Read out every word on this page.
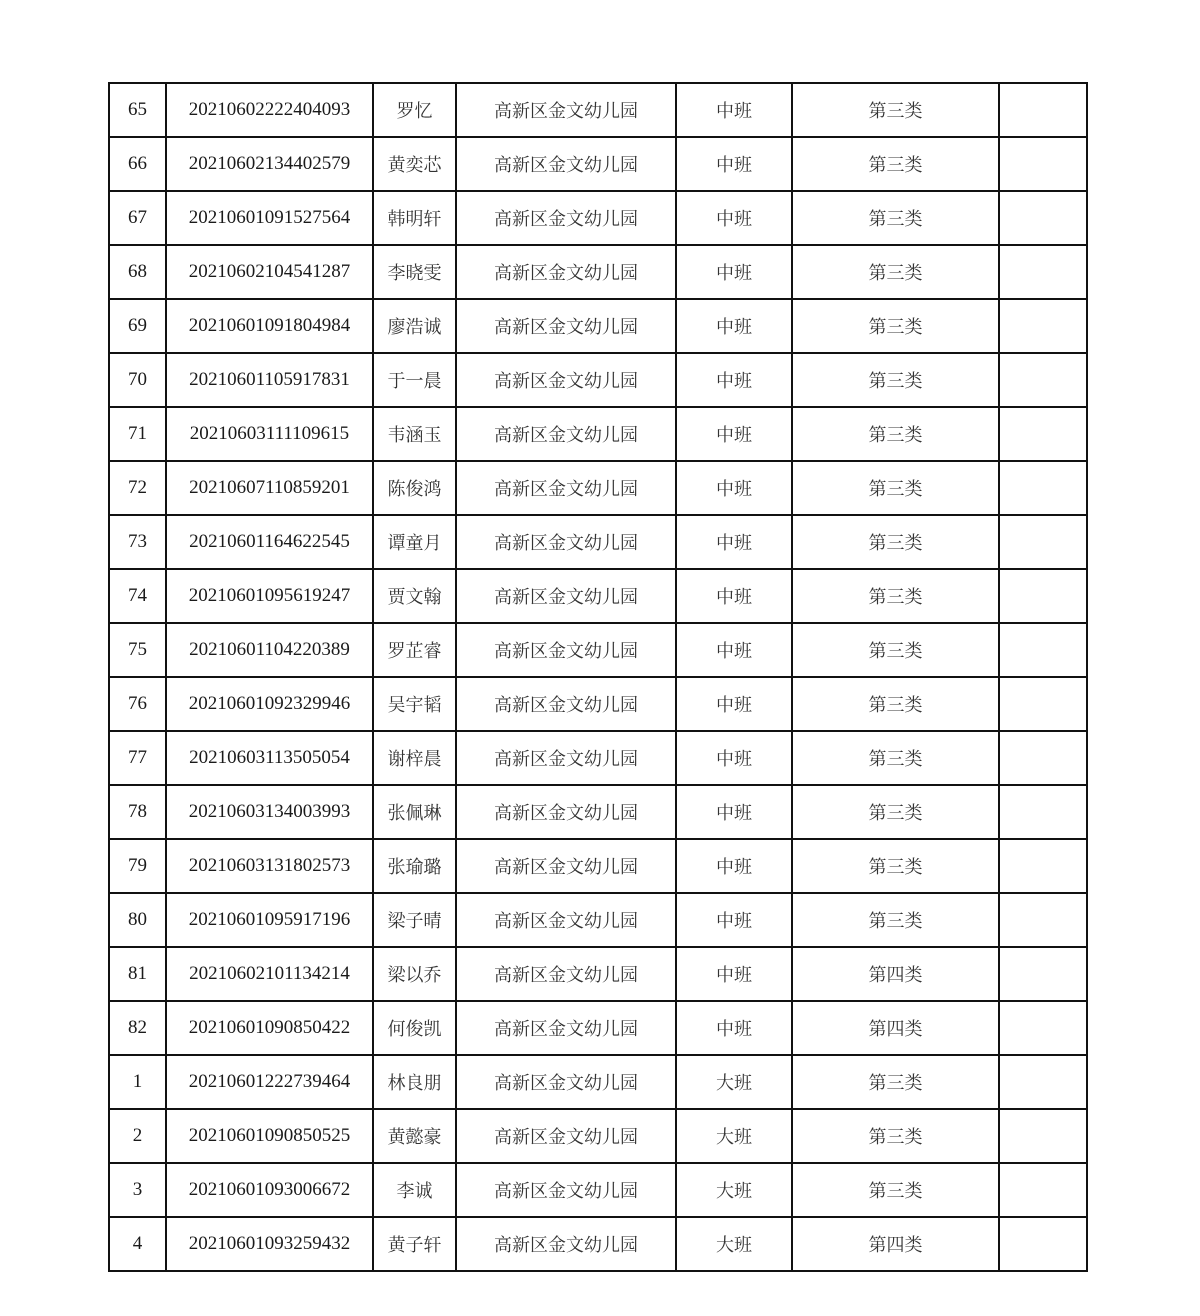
65	20210602222404093	罗忆	高新区金文幼儿园	中班	第三类	
66	20210602134402579	黄奕芯	高新区金文幼儿园	中班	第三类	
67	20210601091527564	韩明轩	高新区金文幼儿园	中班	第三类	
68	20210602104541287	李晓雯	高新区金文幼儿园	中班	第三类	
69	20210601091804984	廖浩诚	高新区金文幼儿园	中班	第三类	
70	20210601105917831	于一晨	高新区金文幼儿园	中班	第三类	
71	20210603111109615	韦涵玉	高新区金文幼儿园	中班	第三类	
72	20210607110859201	陈俊鸿	高新区金文幼儿园	中班	第三类	
73	20210601164622545	谭童月	高新区金文幼儿园	中班	第三类	
74	20210601095619247	贾文翰	高新区金文幼儿园	中班	第三类	
75	20210601104220389	罗芷睿	高新区金文幼儿园	中班	第三类	
76	20210601092329946	吴宇韬	高新区金文幼儿园	中班	第三类	
77	20210603113505054	谢梓晨	高新区金文幼儿园	中班	第三类	
78	20210603134003993	张佩琳	高新区金文幼儿园	中班	第三类	
79	20210603131802573	张瑜璐	高新区金文幼儿园	中班	第三类	
80	20210601095917196	梁子晴	高新区金文幼儿园	中班	第三类	
81	20210602101134214	梁以乔	高新区金文幼儿园	中班	第四类	
82	20210601090850422	何俊凯	高新区金文幼儿园	中班	第四类	
1	20210601222739464	林良朋	高新区金文幼儿园	大班	第三类	
2	20210601090850525	黄懿豪	高新区金文幼儿园	大班	第三类	
3	20210601093006672	李诚	高新区金文幼儿园	大班	第三类	
4	20210601093259432	黄子轩	高新区金文幼儿园	大班	第四类	
